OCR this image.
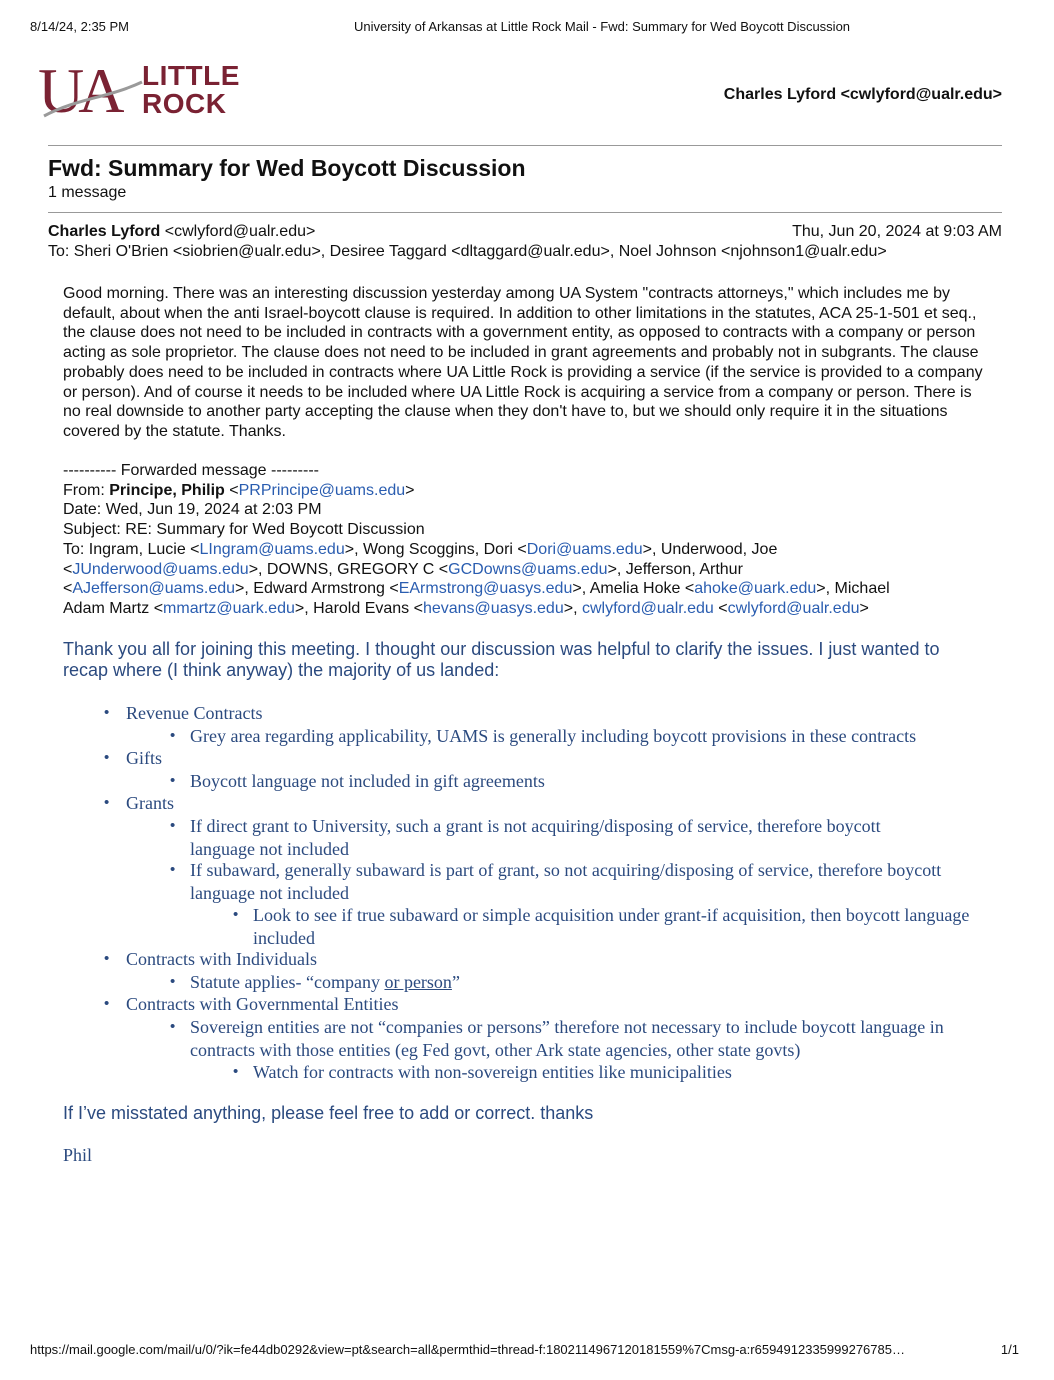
8/14/24, 2:35 PM	University of Arkansas at Little Rock Mail - Fwd: Summary for Wed Boycott Discussion
UA LITTLE
ROCK	Charles Lyford <cwlyford@ualr.edu>
Fwd: Summary for Wed Boycott Discussion
1 message
Charles Lyford <cwlyford@ualr.edu>	Thu, Jun 20, 2024 at 9:03 AM
To: Sheri O'Brien <siobrien@ualr.edu>, Desiree Taggard <dltaggard@ualr.edu>, Noel Johnson <njohnson1@ualr.edu>
Good morning. There was an interesting discussion yesterday among UA System "contracts attorneys," which includes me by default, about when the anti Israel-boycott clause is required. In addition to other limitations in the statutes, ACA 25-1-501 et seq., the clause does not need to be included in contracts with a government entity, as opposed to contracts with a company or person acting as sole proprietor. The clause does not need to be included in grant agreements and probably not in subgrants. The clause probably does need to be included in contracts where UA Little Rock is providing a service (if the service is provided to a company or person). And of course it needs to be included where UA Little Rock is acquiring a service from a company or person. There is no real downside to another party accepting the clause when they don't have to, but we should only require it in the situations covered by the statute. Thanks.
---------- Forwarded message ---------
From: Principe, Philip <PRPrincipe@uams.edu>
Date: Wed, Jun 19, 2024 at 2:03 PM
Subject: RE: Summary for Wed Boycott Discussion
To: Ingram, Lucie <LIngram@uams.edu>, Wong Scoggins, Dori <Dori@uams.edu>, Underwood, Joe
<JUnderwood@uams.edu>, DOWNS, GREGORY C <GCDowns@uams.edu>, Jefferson, Arthur
<AJefferson@uams.edu>, Edward Armstrong <EArmstrong@uasys.edu>, Amelia Hoke <ahoke@uark.edu>, Michael
Adam Martz <mmartz@uark.edu>, Harold Evans <hevans@uasys.edu>, cwlyford@ualr.edu <cwlyford@ualr.edu>
Thank you all for joining this meeting. I thought our discussion was helpful to clarify the issues. I just wanted to recap where (I think anyway) the majority of us landed:
• Revenue Contracts
• Grey area regarding applicability, UAMS is generally including boycott provisions in these contracts
• Gifts
• Boycott language not included in gift agreements
• Grants
• If direct grant to University, such a grant is not acquiring/disposing of service, therefore boycott language not included
• If subaward, generally subaward is part of grant, so not acquiring/disposing of service, therefore boycott language not included
• Look to see if true subaward or simple acquisition under grant-if acquisition, then boycott language included
• Contracts with Individuals
• Statute applies- “company or person”
• Contracts with Governmental Entities
• Sovereign entities are not “companies or persons” therefore not necessary to include boycott language in contracts with those entities (eg Fed govt, other Ark state agencies, other state govts)
• Watch for contracts with non-sovereign entities like municipalities
If I’ve misstated anything, please feel free to add or correct. thanks
Phil
https://mail.google.com/mail/u/0/?ik=fe44db0292&view=pt&search=all&permthid=thread-f:1802114967120181559%7Cmsg-a:r6594912335999276785…	1/1
